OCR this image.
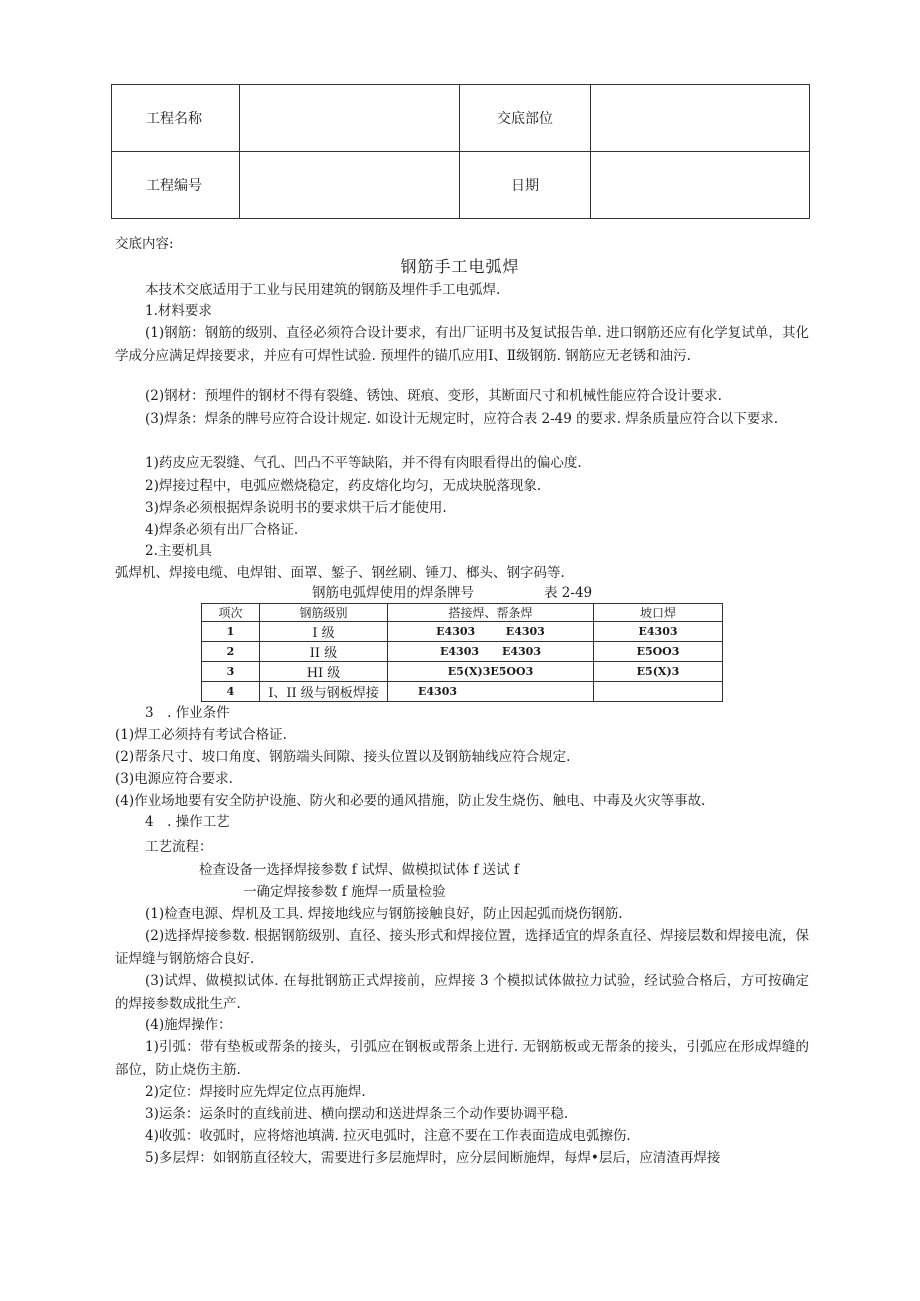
工程名称		交底部位	
工程编号		日期	
交底内容:
钢筋手工电弧焊
本技术交底适用于工业与民用建筑的钢筋及埋件手工电弧焊.
1.材料要求
(1)钢筋：钢筋的级别、直径必须符合设计要求，有出厂证明书及复试报告单. 进口钢筋还应有化学复试单，其化学成分应满足焊接要求，并应有可焊性试验. 预埋件的锚爪应用Ⅰ、Ⅱ级钢筋. 钢筋应无老锈和油污.
(2)钢材：预埋件的钢材不得有裂缝、锈蚀、斑痕、变形，其断面尺寸和机械性能应符合设计要求.
(3)焊条：焊条的牌号应符合设计规定. 如设计无规定时，应符合表 2-49 的要求. 焊条质量应符合以下要求.
1)药皮应无裂缝、气孔、凹凸不平等缺陷，并不得有肉眼看得出的偏心度.
2)焊接过程中，电弧应燃烧稳定，药皮熔化均匀，无成块脱落现象.
3)焊条必须根据焊条说明书的要求烘干后才能使用.
4)焊条必须有出厂合格证.
2.主要机具
弧焊机、焊接电缆、电焊钳、面罩、錾子、钢丝刷、锤刀、榔头、钢字码等.
钢筋电弧焊使用的焊条牌号	表 2-49
项次	钢筋级别	搭接焊、帮条焊	坡口焊
1	I 级	E4303        E4303	E4303
2	II 级	E4303      E4303	E5OO3
3	HI 级	E5(X)3E5OO3	E5(X)3
4	I、II 级与钢板焊接	E4303	
3　. 作业条件
(1)焊工必须持有考试合格证.
(2)帮条尺寸、坡口角度、钢筋端头间隙、接头位置以及钢筋轴线应符合规定.
(3)电源应符合要求.
(4)作业场地要有安全防护设施、防火和必要的通风措施，防止发生烧伤、触电、中毒及火灾等事故.
4　. 操作工艺
工艺流程：
检查设备一选择焊接参数 f 试焊、做模拟试体 f 送试 f
一确定焊接参数 f 施焊一质量检验
(1)检查电源、焊机及工具. 焊接地线应与钢筋接触良好，防止因起弧而烧伤钢筋.
(2)选择焊接参数. 根据钢筋级别、直径、接头形式和焊接位置，选择适宜的焊条直径、焊接层数和焊接电流，保证焊缝与钢筋熔合良好.
(3)试焊、做模拟试体. 在每批钢筋正式焊接前，应焊接 3 个模拟试体做拉力试验，经试验合格后，方可按确定的焊接参数成批生产.
(4)施焊操作：
1)引弧：带有垫板或帮条的接头，引弧应在钢板或帮条上进行. 无钢筋板或无帮条的接头，引弧应在形成焊缝的部位，防止烧伤主筋.
2)定位：焊接时应先焊定位点再施焊.
3)运条：运条时的直线前进、横向摆动和送进焊条三个动作要协调平稳.
4)收弧：收弧时，应将熔池填满. 拉灭电弧时，注意不要在工作表面造成电弧擦伤.
5)多层焊：如钢筋直径较大，需要进行多层施焊时，应分层间断施焊，每焊•层后，应清渣再焊接
